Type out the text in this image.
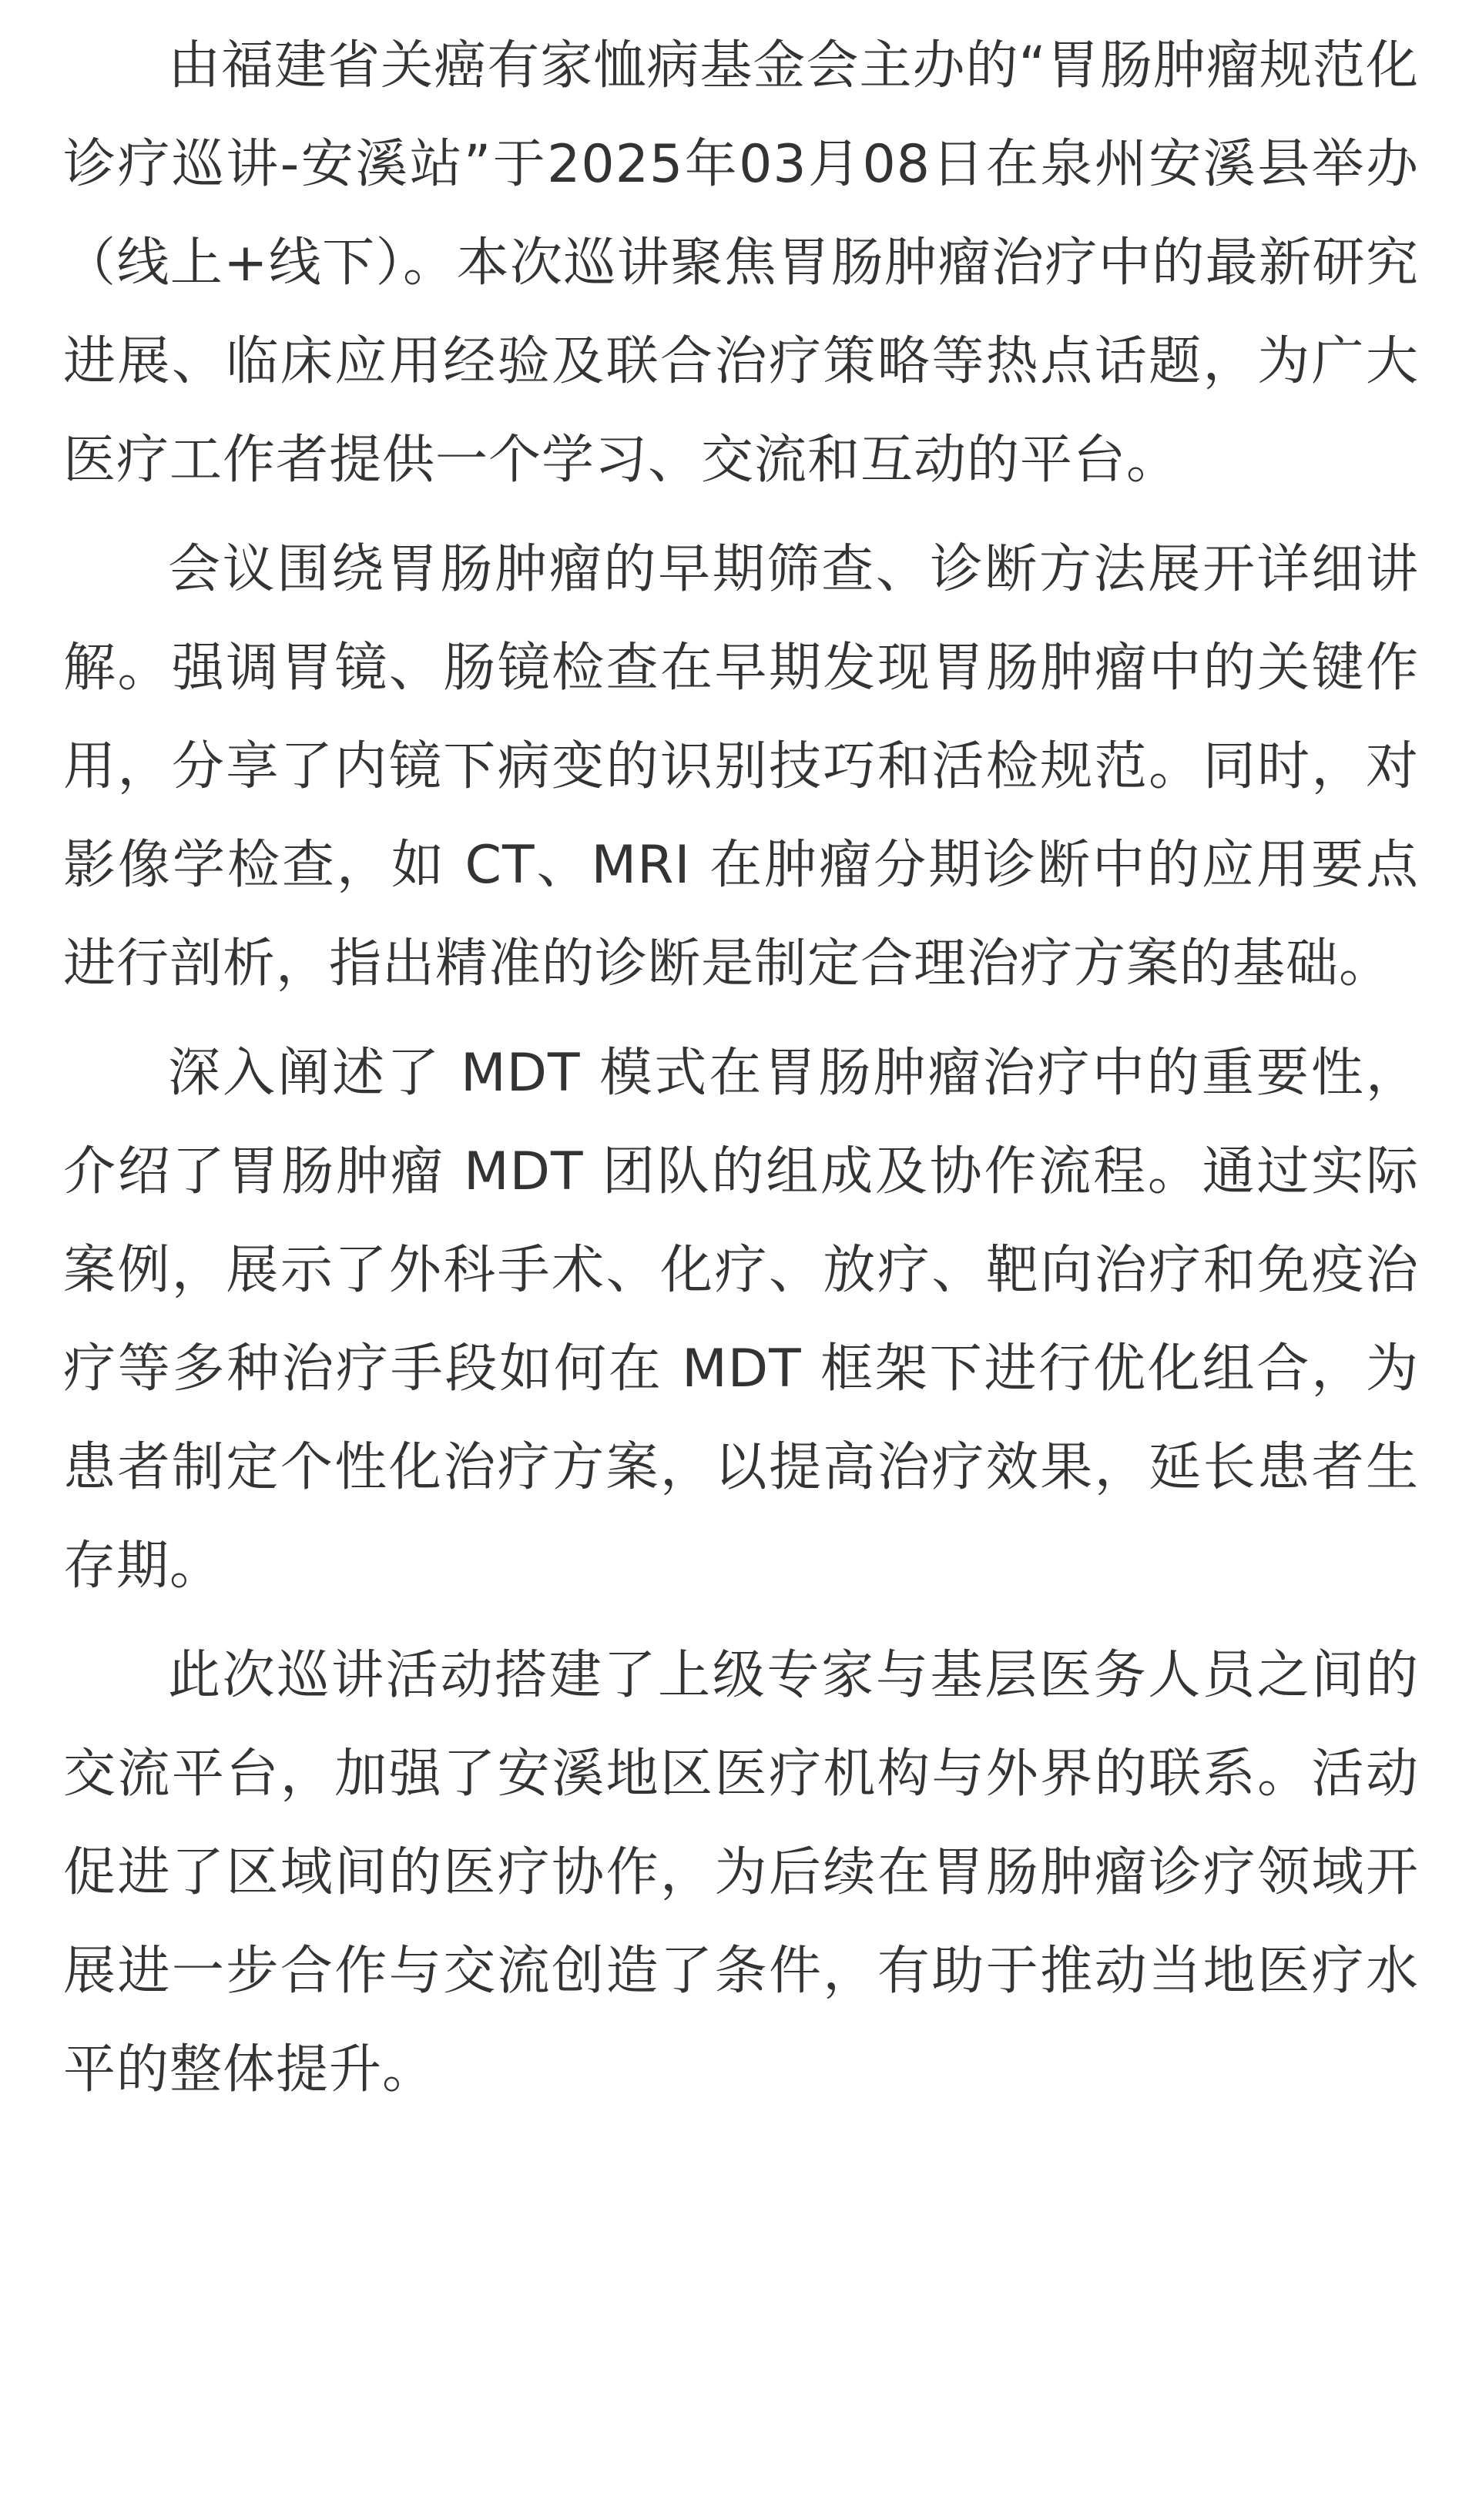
由福建省关癌有家恤病基金会主办的“胃肠肿瘤规范化诊疗巡讲-安溪站”于2025年03月08日在泉州安溪县举办（线上+线下）。本次巡讲聚焦胃肠肿瘤治疗中的最新研究进展、临床应用经验及联合治疗策略等热点话题，为广大医疗工作者提供一个学习、交流和互动的平台。

会议围绕胃肠肿瘤的早期筛查、诊断方法展开详细讲解。强调胃镜、肠镜检查在早期发现胃肠肿瘤中的关键作用，分享了内镜下病变的识别技巧和活检规范。同时，对影像学检查，如 CT、MRI 在肿瘤分期诊断中的应用要点进行剖析，指出精准的诊断是制定合理治疗方案的基础。

深入阐述了 MDT 模式在胃肠肿瘤治疗中的重要性，介绍了胃肠肿瘤 MDT 团队的组成及协作流程。通过实际案例，展示了外科手术、化疗、放疗、靶向治疗和免疫治疗等多种治疗手段如何在 MDT 框架下进行优化组合，为患者制定个性化治疗方案，以提高治疗效果，延长患者生存期。

此次巡讲活动搭建了上级专家与基层医务人员之间的交流平台，加强了安溪地区医疗机构与外界的联系。活动促进了区域间的医疗协作，为后续在胃肠肿瘤诊疗领域开展进一步合作与交流创造了条件，有助于推动当地医疗水平的整体提升。
